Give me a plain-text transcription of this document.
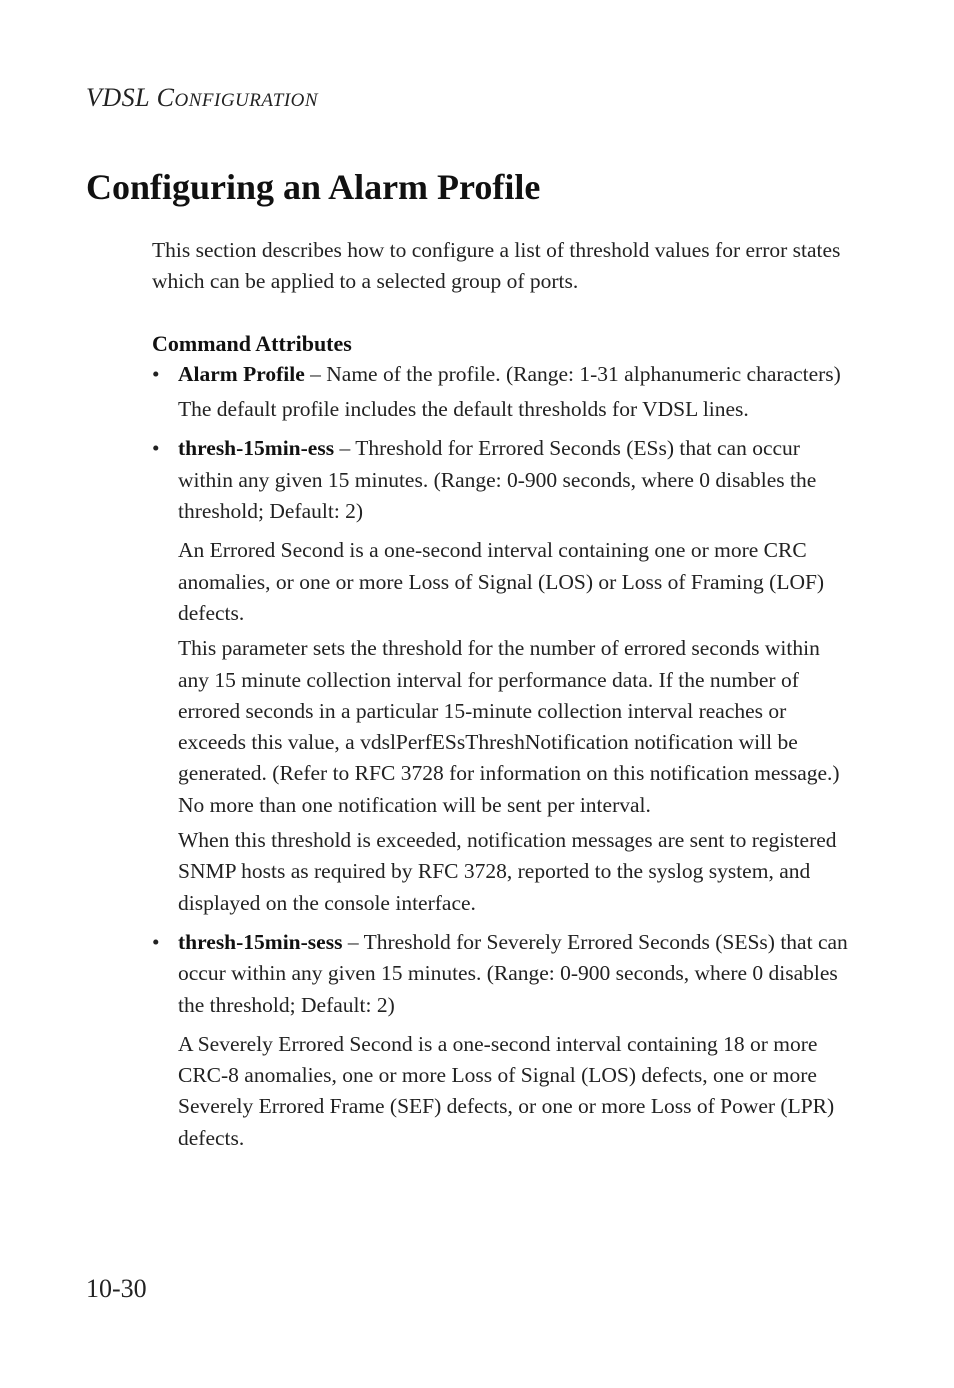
VDSL CONFIGURATION
Configuring an Alarm Profile

This section describes how to configure a list of threshold values for error states which can be applied to a selected group of ports.

Command Attributes

• Alarm Profile – Name of the profile. (Range: 1-31 alphanumeric characters)

The default profile includes the default thresholds for VDSL lines.

• thresh-15min-ess – Threshold for Errored Seconds (ESs) that can occur within any given 15 minutes. (Range: 0-900 seconds, where 0 disables the threshold; Default: 2)

An Errored Second is a one-second interval containing one or more CRC anomalies, or one or more Loss of Signal (LOS) or Loss of Framing (LOF) defects.

This parameter sets the threshold for the number of errored seconds within any 15 minute collection interval for performance data. If the number of errored seconds in a particular 15-minute collection interval reaches or exceeds this value, a vdslPerfESsThreshNotification notification will be generated. (Refer to RFC 3728 for information on this notification message.) No more than one notification will be sent per interval.

When this threshold is exceeded, notification messages are sent to registered SNMP hosts as required by RFC 3728, reported to the syslog system, and displayed on the console interface.

• thresh-15min-sess – Threshold for Severely Errored Seconds (SESs) that can occur within any given 15 minutes. (Range: 0-900 seconds, where 0 disables the threshold; Default: 2)

A Severely Errored Second is a one-second interval containing 18 or more CRC-8 anomalies, one or more Loss of Signal (LOS) defects, one or more Severely Errored Frame (SEF) defects, or one or more Loss of Power (LPR) defects.

10-30
